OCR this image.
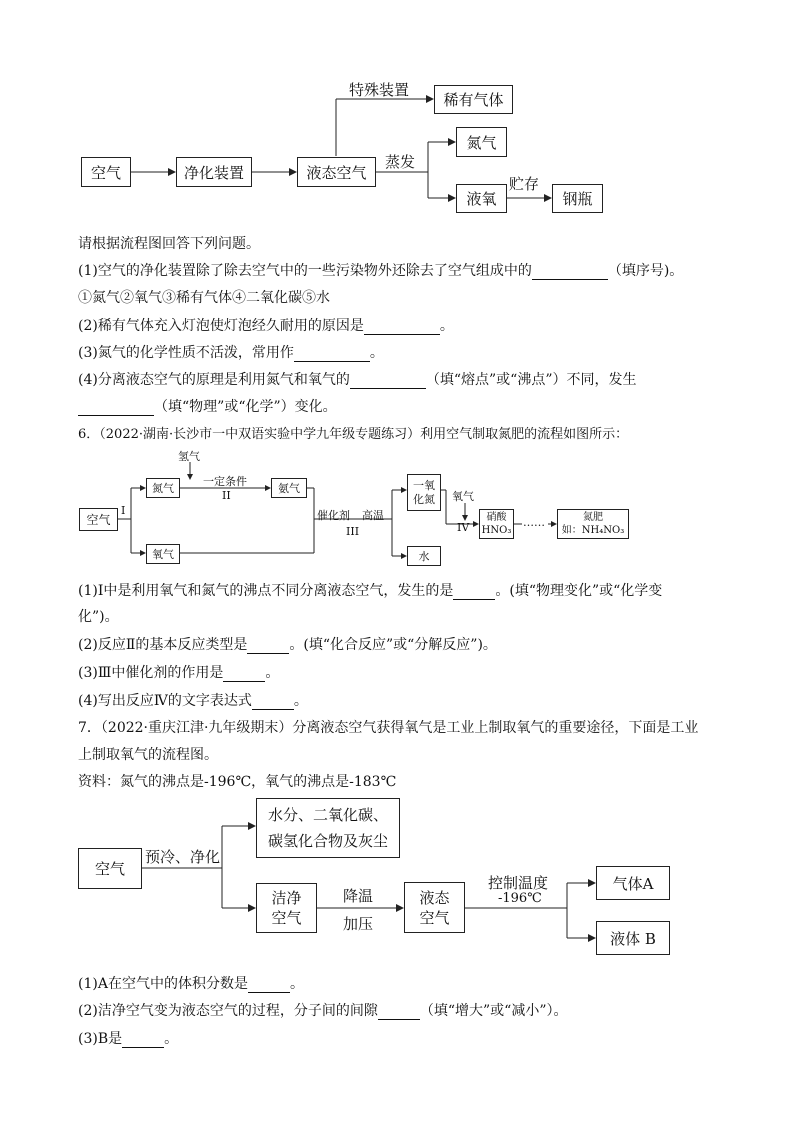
空气	净化装置	液态空气
特殊装置
稀有气体
蒸发
氮气
液氧
贮存
钢瓶
请根据流程图回答下列问题。
(1)空气的净化装置除了除去空气中的一些污染物外还除去了空气组成中的	（填序号)。
①氮气②氧气③稀有气体④二氧化碳⑤水
(2)稀有气体充入灯泡使灯泡经久耐用的原因是	。
(3)氮气的化学性质不活泼，常用作	。
(4)分离液态空气的原理是利用氮气和氧气的	（填“熔点”或“沸点”）不同，发生
（填“物理”或“化学”）变化。
6．（2022·湖南·长沙市一中双语实验中学九年级专题练习）利用空气制取氮肥的流程如图所示：
氢气
空气
I
氮气
一定条件
II
氨气
氧气
催化剂 高温
III
一氧
化氮
水
氧气
IV
硝酸
HNO₃
……	氮肥
如：NH₄NO₃
(1)Ⅰ中是利用氧气和氮气的沸点不同分离液态空气，发生的是	。(填“物理变化”或“化学变
化”)。
(2)反应Ⅱ的基本反应类型是	。(填“化合反应”或“分解反应”)。
(3)Ⅲ中催化剂的作用是	。
(4)写出反应Ⅳ的文字表达式	。
7．（2022·重庆江津·九年级期末）分离液态空气获得氧气是工业上制取氧气的重要途径，下面是工业
上制取氧气的流程图。
资料：氮气的沸点是-196℃，氧气的沸点是-183℃
空气
预冷、净化
水分、二氧化碳、
碳氢化合物及灰尘
洁净
空气
降温
加压
液态
空气
控制温度
-196℃
气体A
液体 B
(1)A在空气中的体积分数是	。
(2)洁净空气变为液态空气的过程，分子间的间隙	（填“增大”或“减小”）。
(3)B是	。
